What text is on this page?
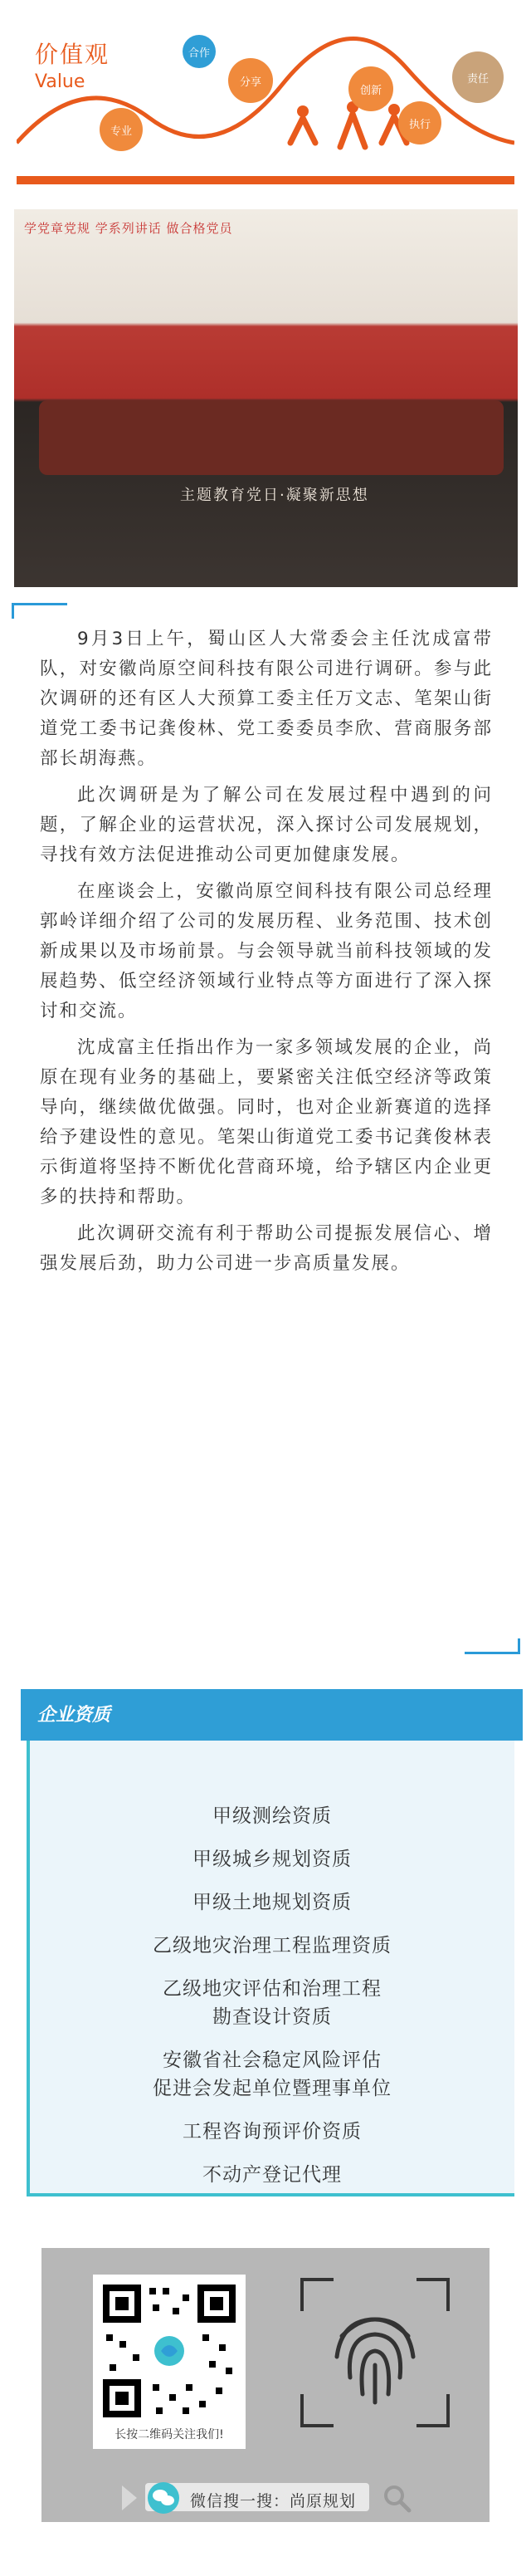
价值观
Value
专业
分享
创新
执行
合作
责任
学党章党规 学系列讲话 做合格党员
主题教育党日·凝聚新思想

9月3日上午，蜀山区人大常委会主任沈成富带队，对安徽尚原空间科技有限公司进行调研。参与此次调研的还有区人大预算工委主任万文志、笔架山街道党工委书记龚俊林、党工委委员李欣、营商服务部部长胡海燕。

此次调研是为了解公司在发展过程中遇到的问题，了解企业的运营状况，深入探讨公司发展规划，寻找有效方法促进推动公司更加健康发展。

在座谈会上，安徽尚原空间科技有限公司总经理郭岭详细介绍了公司的发展历程、业务范围、技术创新成果以及市场前景。与会领导就当前科技领域的发展趋势、低空经济领域行业特点等方面进行了深入探讨和交流。

沈成富主任指出作为一家多领域发展的企业，尚原在现有业务的基础上，要紧密关注低空经济等政策导向，继续做优做强。同时，也对企业新赛道的选择给予建设性的意见。笔架山街道党工委书记龚俊林表示街道将坚持不断优化营商环境，给予辖区内企业更多的扶持和帮助。

此次调研交流有利于帮助公司提振发展信心、增强发展后劲，助力公司进一步高质量发展。

企业资质
甲级测绘资质
甲级城乡规划资质
甲级土地规划资质
乙级地灾治理工程监理资质
乙级地灾评估和治理工程
勘查设计资质
安徽省社会稳定风险评估
促进会发起单位暨理事单位
工程咨询预评价资质
不动产登记代理
长按二维码关注我们!
微信搜一搜：尚原规划
